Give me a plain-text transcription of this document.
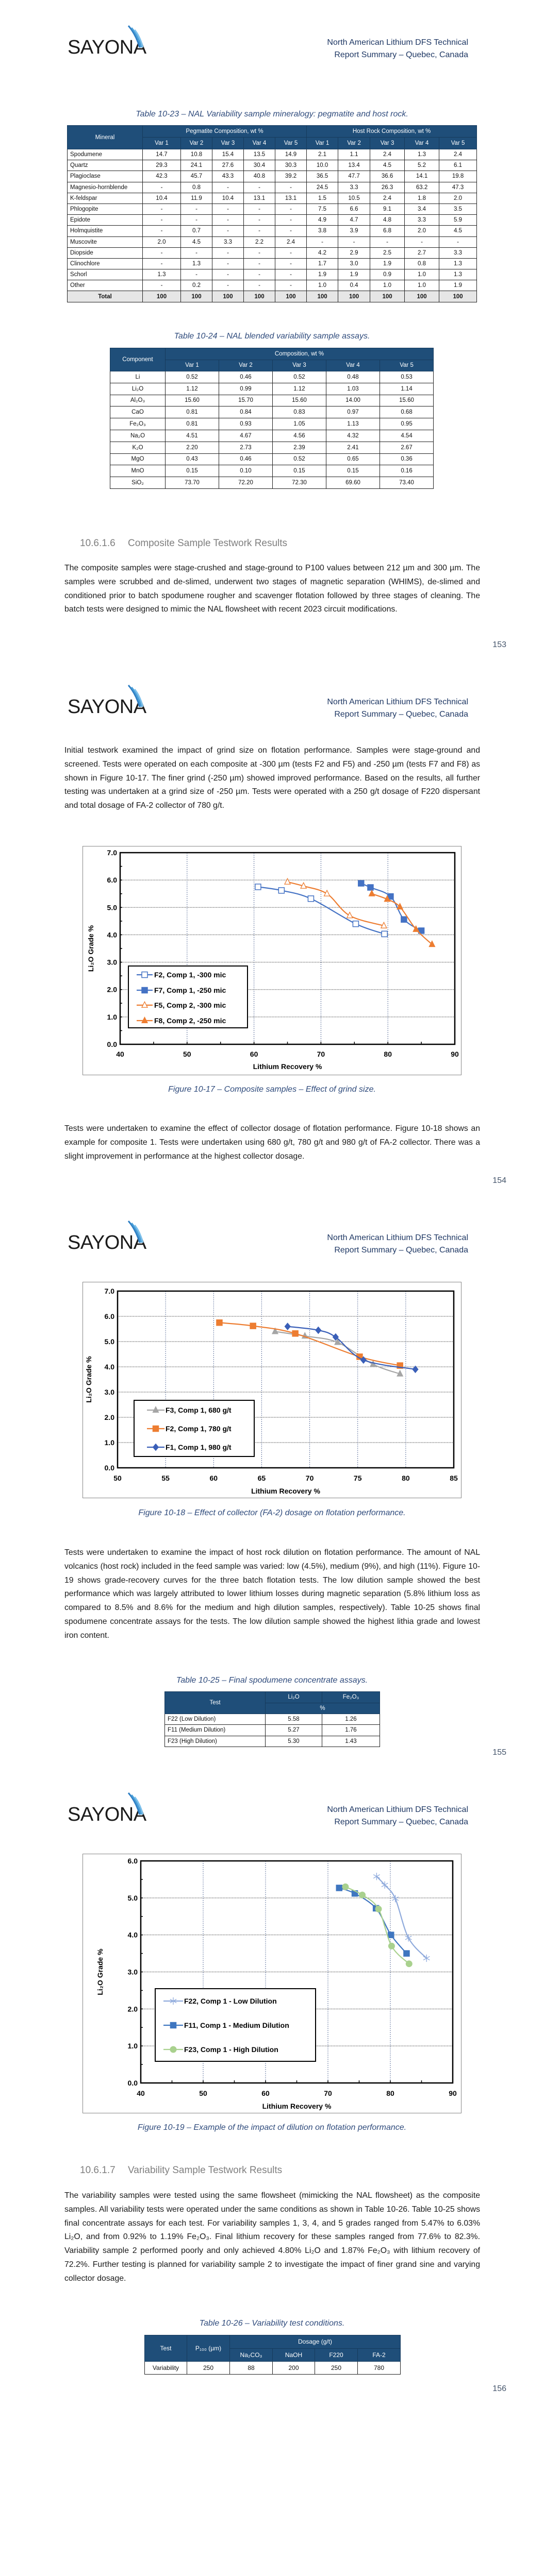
SAYONA	North American Lithium DFS Technical
Report Summary – Quebec, Canada
Table 10-23 – NAL Variability sample mineralogy: pegmatite and host rock.
Mineral	Pegmatite Composition, wt %					Host Rock Composition, wt %				
	Var 1	Var 2	Var 3	Var 4	Var 5	Var 1	Var 2	Var 3	Var 4	Var 5
Spodumene	14.7	10.8	15.4	13.5	14.9	2.1	1.1	2.4	1.3	2.4
Quartz	29.3	24.1	27.6	30.4	30.3	10.0	13.4	4.5	5.2	6.1
Plagioclase	42.3	45.7	43.3	40.8	39.2	36.5	47.7	36.6	14.1	19.8
Magnesio-hornblende	-	0.8	-	-	-	24.5	3.3	26.3	63.2	47.3
K-feldspar	10.4	11.9	10.4	13.1	13.1	1.5	10.5	2.4	1.8	2.0
Phlogopite	-	-	-	-	-	7.5	6.6	9.1	3.4	3.5
Epidote	-	-	-	-	-	4.9	4.7	4.8	3.3	5.9
Holmquistite	-	0.7	-	-	-	3.8	3.9	6.8	2.0	4.5
Muscovite	2.0	4.5	3.3	2.2	2.4	-	-	-	-	-
Diopside	-	-	-	-	-	4.2	2.9	2.5	2.7	3.3
Clinochlore	-	1.3	-	-	-	1.7	3.0	1.9	0.8	1.3
Schorl	1.3	-	-	-	-	1.9	1.9	0.9	1.0	1.3
Other	-	0.2	-	-	-	1.0	0.4	1.0	1.0	1.9
Total	100	100	100	100	100	100	100	100	100	100
Table 10-24 – NAL blended variability sample assays.
Component	Composition, wt %				
	Var 1	Var 2	Var 3	Var 4	Var 5
Li	0.52	0.46	0.52	0.48	0.53
Li₂O	1.12	0.99	1.12	1.03	1.14
Al₂O₃	15.60	15.70	15.60	14.00	15.60
CaO	0.81	0.84	0.83	0.97	0.68
Fe₂O₃	0.81	0.93	1.05	1.13	0.95
Na₂O	4.51	4.67	4.56	4.32	4.54
K₂O	2.20	2.73	2.39	2.41	2.67
MgO	0.43	0.46	0.52	0.65	0.36
MnO	0.15	0.10	0.15	0.15	0.16
SiO₂	73.70	72.20	72.30	69.60	73.40
10.6.1.6 Composite Sample Testwork Results

The composite samples were stage-crushed and stage-ground to P100 values between 212 µm and 300 µm. The samples were scrubbed and de-slimed, underwent two stages of magnetic separation (WHIMS), de-slimed and conditioned prior to batch spodumene rougher and scavenger flotation followed by three stages of cleaning. The batch tests were designed to mimic the NAL flowsheet with recent 2023 circuit modifications.

153
SAYONA	North American Lithium DFS Technical
Report Summary – Quebec, Canada

Initial testwork examined the impact of grind size on flotation performance. Samples were stage-ground and screened. Tests were operated on each composite at -300 µm (tests F2 and F5) and -250 µm (tests F7 and F8) as shown in Figure 10-17. The finer grind (-250 µm) showed improved performance. Based on the results, all further testing was undertaken at a grind size of -250 µm. Tests were operated with a 250 g/t dosage of F220 dispersant and total dosage of FA-2 collector of 780 g/t.

40	50	60	70	80	90
0.0
1.0
2.0
3.0
4.0
5.0
6.0
7.0
Lithium Recovery %
Li₂O Grade %
F2, Comp 1, -300 mic
F7, Comp 1, -250 mic
F5, Comp 2, -300 mic
F8, Comp 2, -250 mic
Figure 10-17 – Composite samples – Effect of grind size.

Tests were undertaken to examine the effect of collector dosage of flotation performance. Figure 10-18 shows an example for composite 1. Tests were undertaken using 680 g/t, 780 g/t and 980 g/t of FA-2 collector. There was a slight improvement in performance at the highest collector dosage.

154
SAYONA	North American Lithium DFS Technical
Report Summary – Quebec, Canada
50	55	60	65	70	75	80	85
0.0
1.0
2.0
3.0
4.0
5.0
6.0
7.0
Lithium Recovery %
Li₂O Grade %
F3, Comp 1, 680 g/t
F2, Comp 1, 780 g/t
F1, Comp 1, 980 g/t
Figure 10-18 – Effect of collector (FA-2) dosage on flotation performance.

Tests were undertaken to examine the impact of host rock dilution on flotation performance. The amount of NAL volcanics (host rock) included in the feed sample was varied: low (4.5%), medium (9%), and high (11%). Figure 10-19 shows grade-recovery curves for the three batch flotation tests. The low dilution sample showed the best performance which was largely attributed to lower lithium losses during magnetic separation (5.8% lithium loss as compared to 8.5% and 8.6% for the medium and high dilution samples, respectively). Table 10-25 shows final spodumene concentrate assays for the tests. The low dilution sample showed the highest lithia grade and lowest iron content.

Table 10-25 – Final spodumene concentrate assays.
Test	Li₂O	Fe₂O₃
	%	
F22 (Low Dilution)	5.58	1.26
F11 (Medium Dilution)	5.27	1.76
F23 (High Dilution)	5.30	1.43
155
SAYONA	North American Lithium DFS Technical
Report Summary – Quebec, Canada
40	50	60	70	80	90
0.0
1.0
2.0
3.0
4.0
5.0
6.0
Lithium Recovery %
Li₂O Grade %
F22, Comp 1 - Low Dilution
F11, Comp 1 - Medium Dilution
F23, Comp 1 - High Dilution
Figure 10-19 – Example of the impact of dilution on flotation performance.
10.6.1.7 Variability Sample Testwork Results

The variability samples were tested using the same flowsheet (mimicking the NAL flowsheet) as the composite samples. All variability tests were operated under the same conditions as shown in Table 10-26. Table 10-25 shows final concentrate assays for each test. For variability samples 1, 3, 4, and 5 grades ranged from 5.47% to 6.03% Li₂O, and from 0.92% to 1.19% Fe₂O₃. Final lithium recovery for these samples ranged from 77.6% to 82.3%. Variability sample 2 performed poorly and only achieved 4.80% Li₂O and 1.87% Fe₂O₃ with lithium recovery of 72.2%. Further testing is planned for variability sample 2 to investigate the impact of finer grand sine and varying collector dosage.

Table 10-26 – Variability test conditions.
Test	P₁₀₀ (µm)	Dosage (g/t)			
		Na₂CO₃	NaOH	F220	FA-2
Variability	250	88	200	250	780
156
